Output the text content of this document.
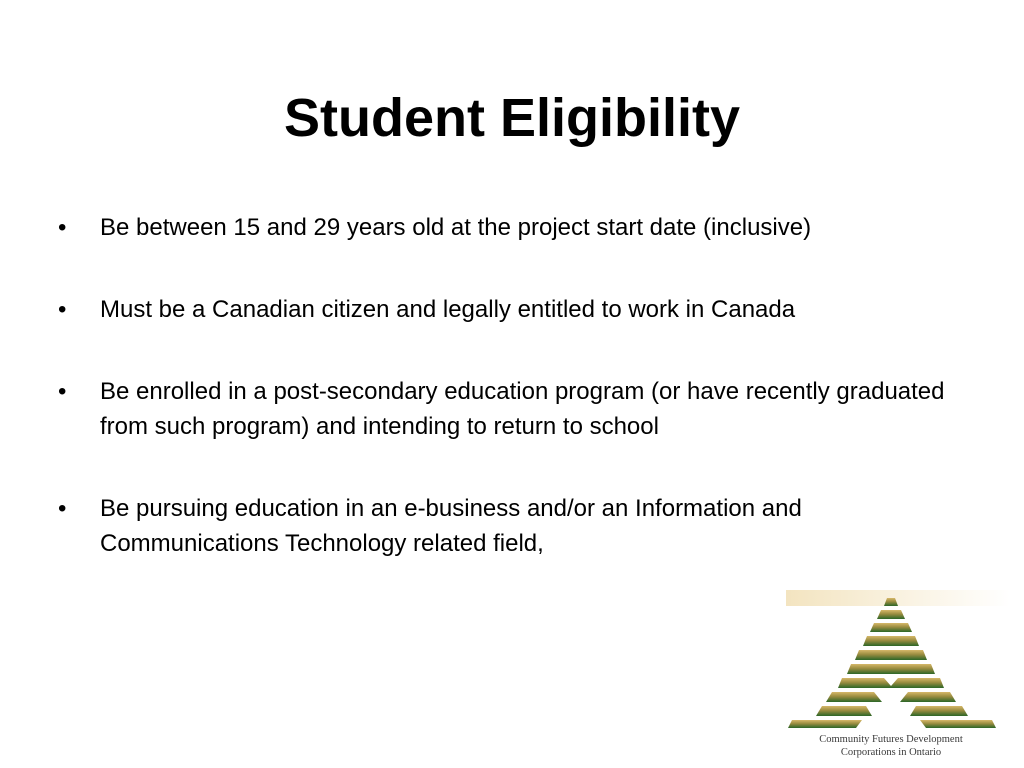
Student Eligibility
•	Be between 15 and 29 years old at the project start date (inclusive)
•	Must be a Canadian citizen and legally entitled to work in Canada
•	Be enrolled in a post-secondary education program (or have recently graduated from such program) and intending to return to school
•	Be pursuing education in an e-business and/or an Information and Communications Technology related field,
Community Futures Development
Corporations in Ontario
